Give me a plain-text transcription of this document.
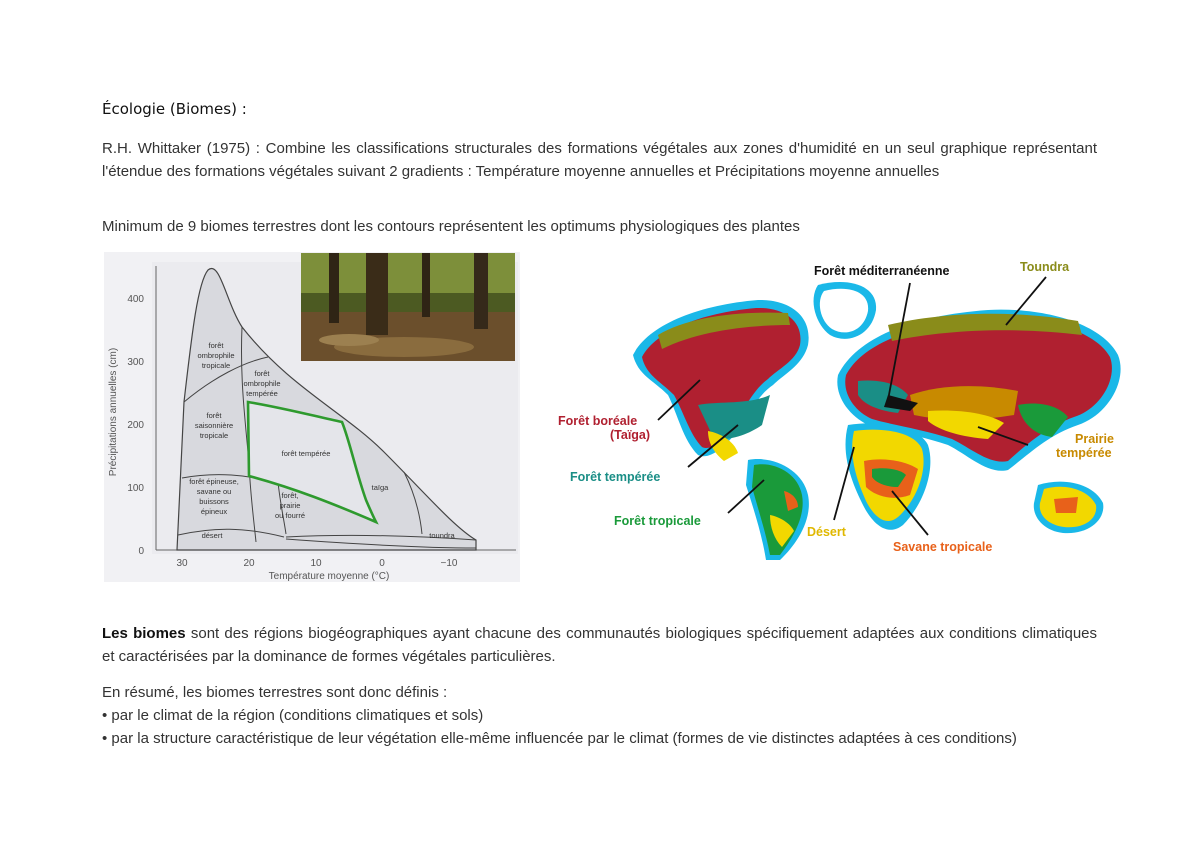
Écologie (Biomes) :
R.H. Whittaker (1975) : Combine les classifications structurales des formations végétales aux zones d'humidité en un seul graphique représentant l'étendue des formations végétales suivant 2 gradients : Température moyenne annuelles et Précipitations moyenne annuelles
Minimum de 9 biomes terrestres dont les contours représentent les optimums physiologiques des plantes
400
300
200
100
0
30	20	10	0	−10
Température moyenne (°C)
Précipitations annuelles (cm)
forêt
ombrophile
tropicale
forêt
ombrophile
tempérée
forêt
saisonnière
tropicale
forêt tempérée
forêt épineuse,
savane ou
buissons
épineux
forêt,
prairie
ou fourré
taïga
désert	toundra
Forêt méditerranéenne	Toundra
Forêt boréale
(Taïga)	Prairie
tempérée
Forêt tempérée
Forêt tropicale
Désert
Savane tropicale
Les biomes sont des régions biogéographiques ayant chacune des communautés biologiques spécifiquement adaptées aux conditions climatiques et caractérisées par la dominance de formes végétales particulières.
En résumé, les biomes terrestres sont donc définis :
• par le climat de la région (conditions climatiques et sols)
• par la structure caractéristique de leur végétation elle-même influencée par le climat (formes de vie distinctes adaptées à ces conditions)
